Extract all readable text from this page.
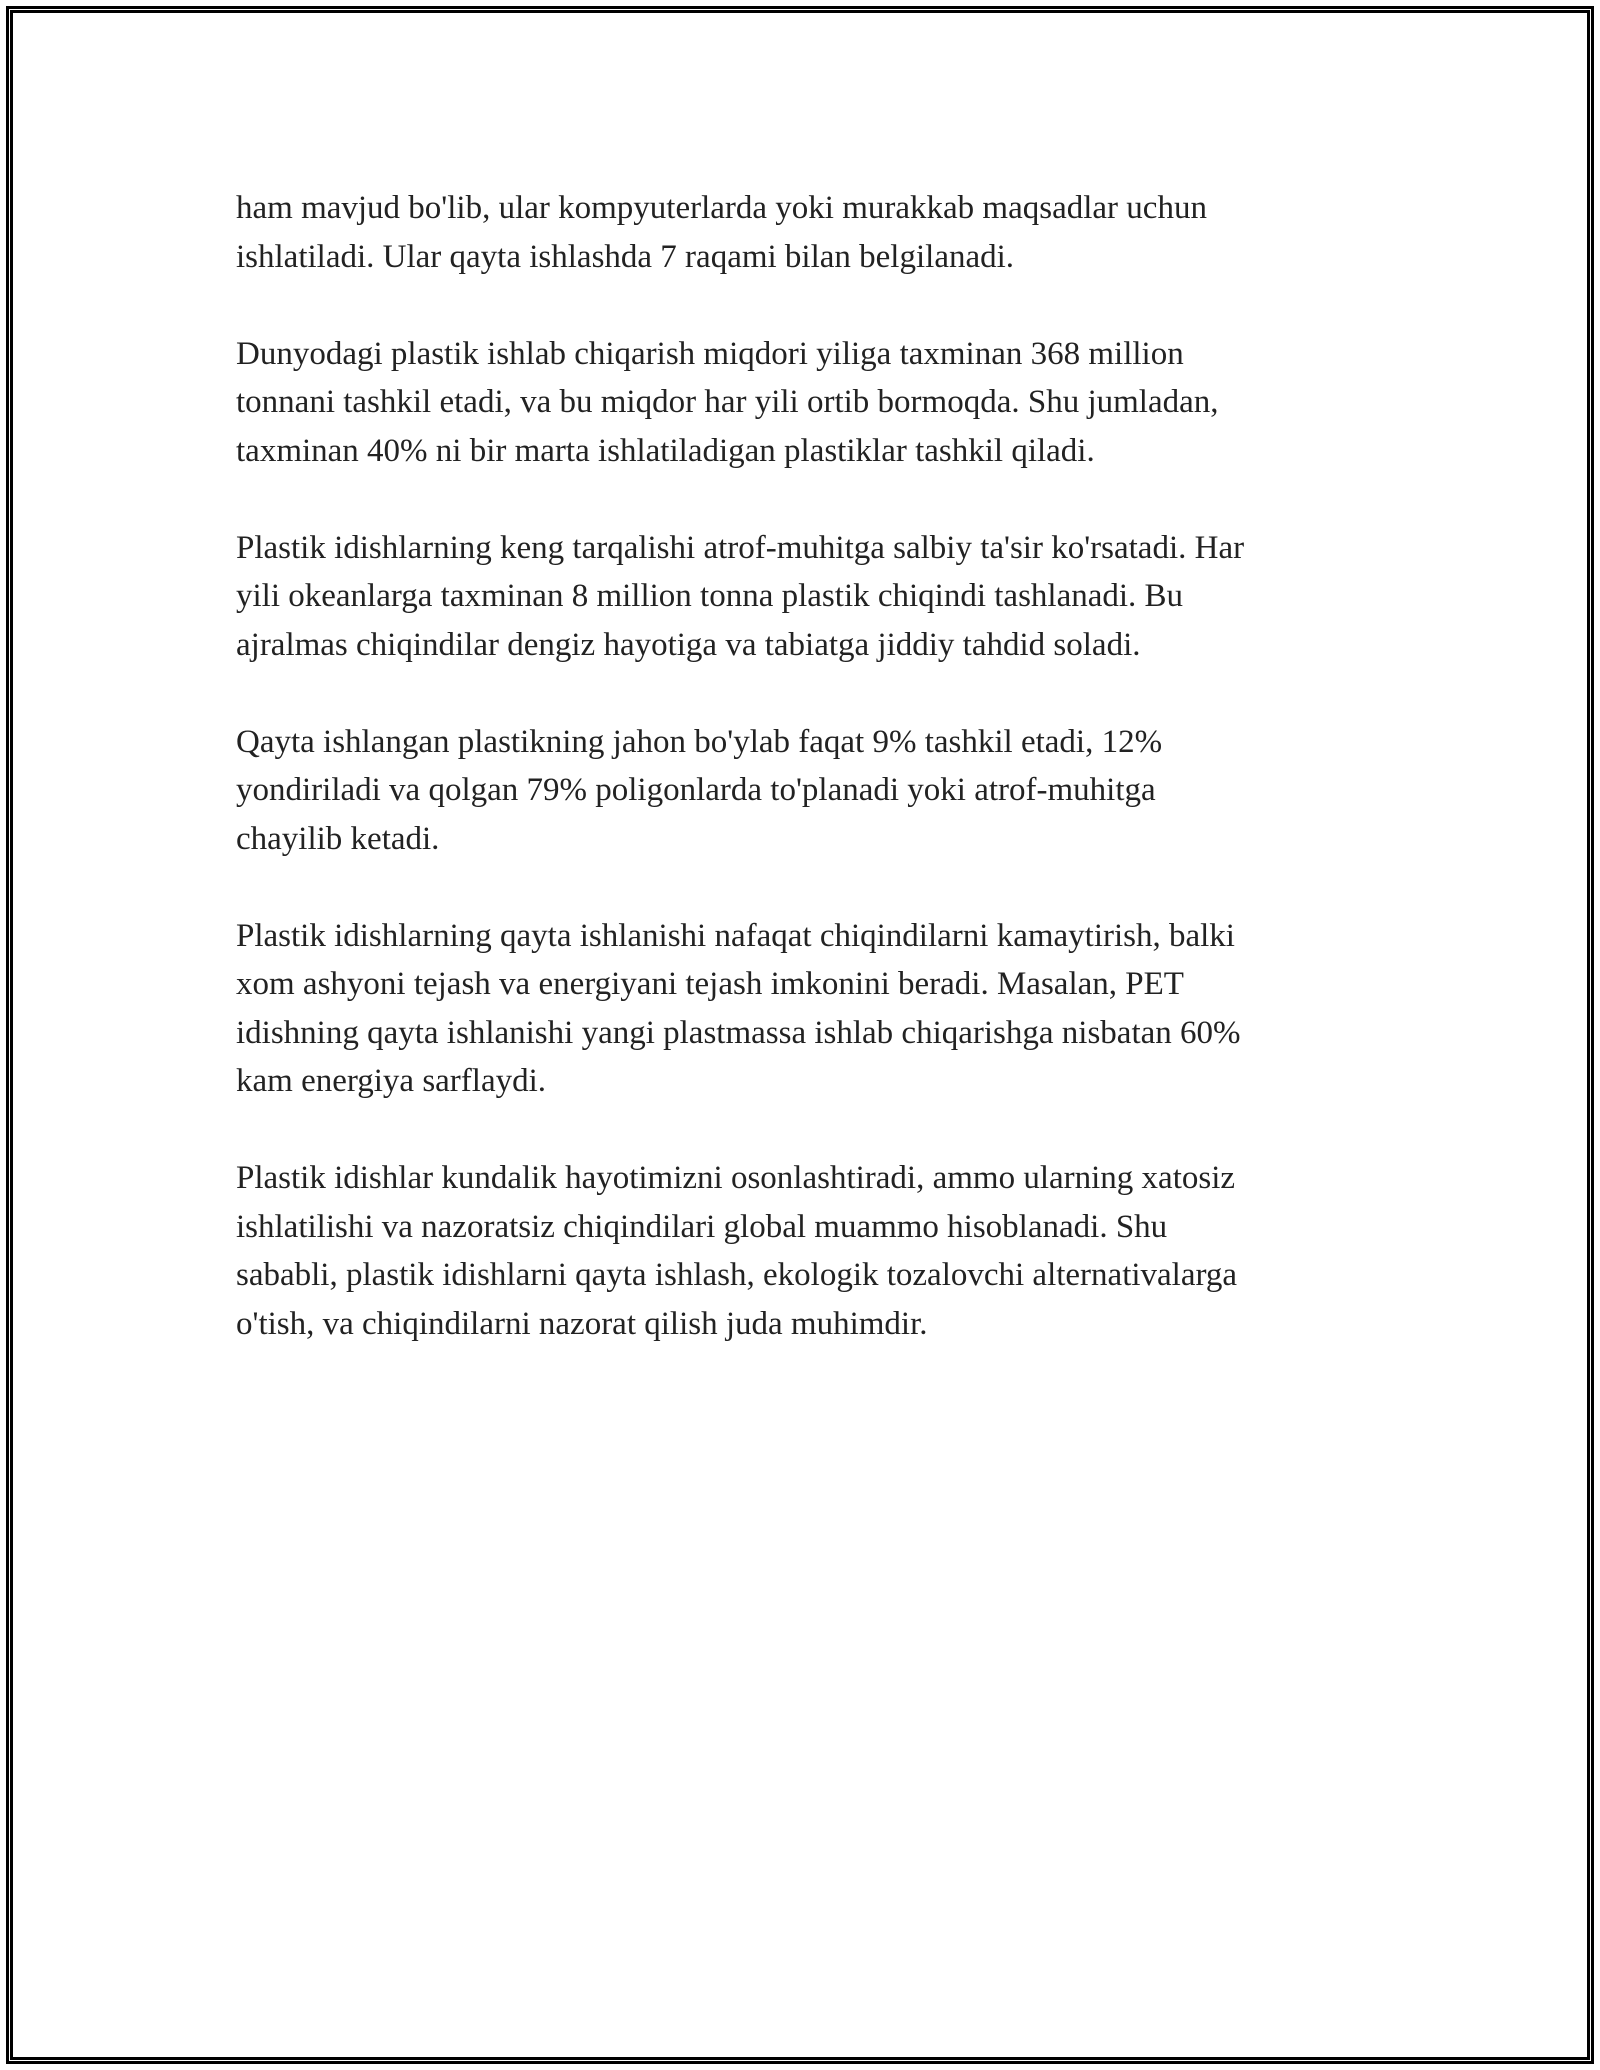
ham mavjud bo'lib, ular kompyuterlarda yoki murakkab maqsadlar uchun
ishlatiladi. Ular qayta ishlashda 7 raqami bilan belgilanadi.

Dunyodagi plastik ishlab chiqarish miqdori yiliga taxminan 368 million
tonnani tashkil etadi, va bu miqdor har yili ortib bormoqda. Shu jumladan,
taxminan 40% ni bir marta ishlatiladigan plastiklar tashkil qiladi.

Plastik idishlarning keng tarqalishi atrof-muhitga salbiy ta'sir ko'rsatadi. Har
yili okeanlarga taxminan 8 million tonna plastik chiqindi tashlanadi. Bu
ajralmas chiqindilar dengiz hayotiga va tabiatga jiddiy tahdid soladi.

Qayta ishlangan plastikning jahon bo'ylab faqat 9% tashkil etadi, 12%
yondiriladi va qolgan 79% poligonlarda to'planadi yoki atrof-muhitga
chayilib ketadi.

Plastik idishlarning qayta ishlanishi nafaqat chiqindilarni kamaytirish, balki
xom ashyoni tejash va energiyani tejash imkonini beradi. Masalan, PET
idishning qayta ishlanishi yangi plastmassa ishlab chiqarishga nisbatan 60%
kam energiya sarflaydi.

Plastik idishlar kundalik hayotimizni osonlashtiradi, ammo ularning xatosiz
ishlatilishi va nazoratsiz chiqindilari global muammo hisoblanadi. Shu
sababli, plastik idishlarni qayta ishlash, ekologik tozalovchi alternativalarga
o'tish, va chiqindilarni nazorat qilish juda muhimdir.
